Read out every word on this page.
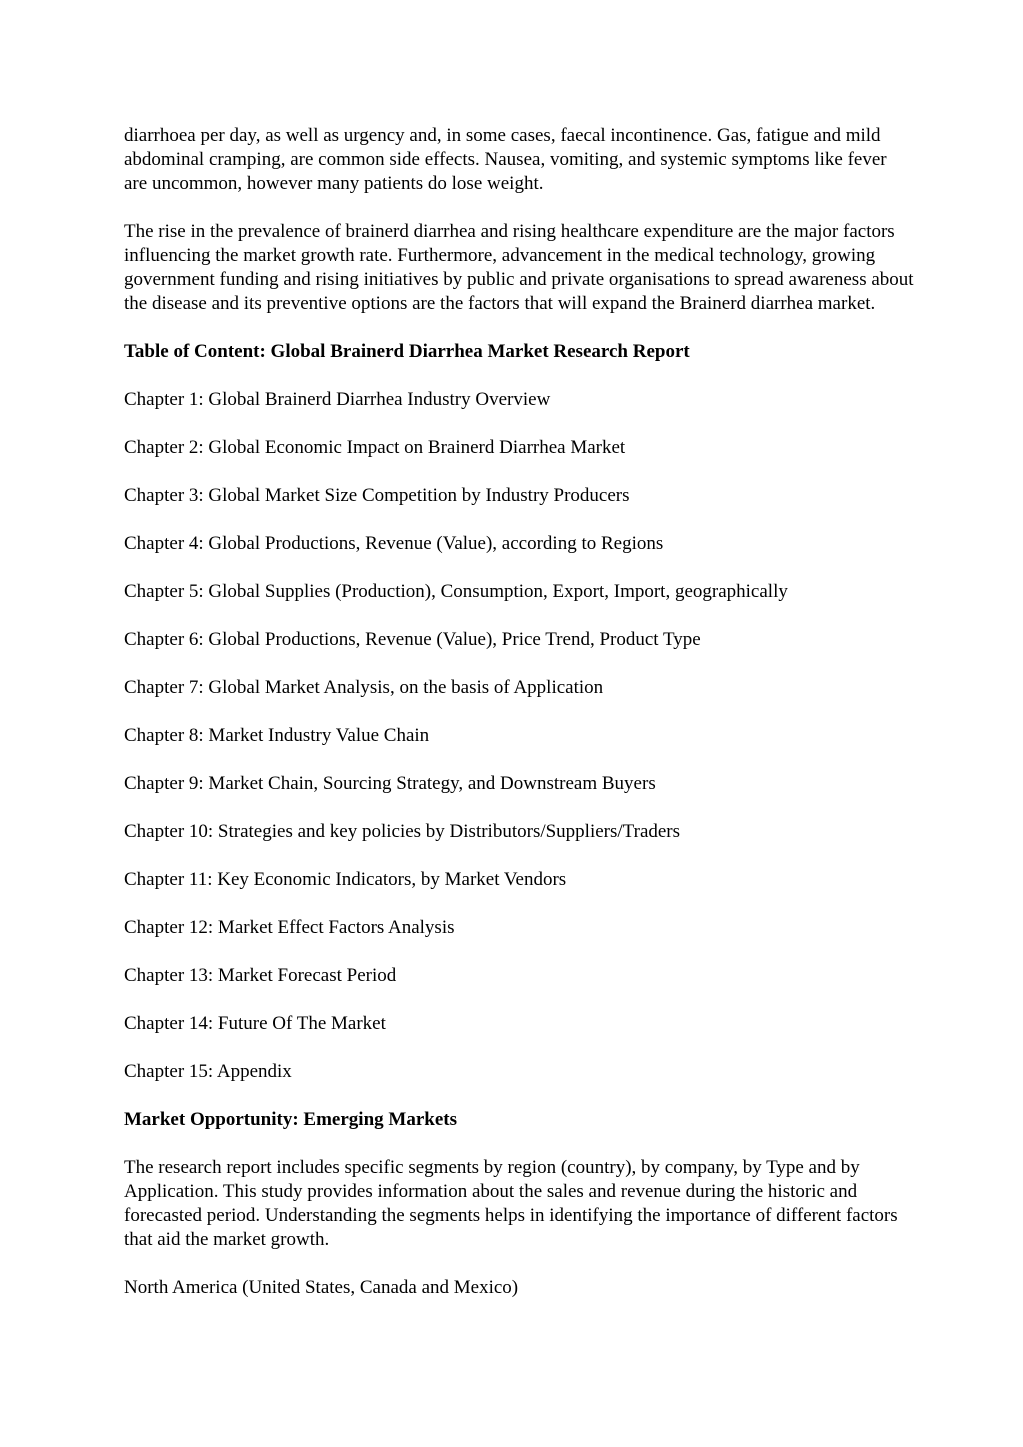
diarrhoea per day, as well as urgency and, in some cases, faecal incontinence. Gas, fatigue and mild abdominal cramping, are common side effects. Nausea, vomiting, and systemic symptoms like fever are uncommon, however many patients do lose weight.

The rise in the prevalence of brainerd diarrhea and rising healthcare expenditure are the major factors influencing the market growth rate. Furthermore, advancement in the medical technology, growing government funding and rising initiatives by public and private organisations to spread awareness about the disease and its preventive options are the factors that will expand the Brainerd diarrhea market.

Table of Content: Global Brainerd Diarrhea Market Research Report

Chapter 1: Global Brainerd Diarrhea Industry Overview

Chapter 2: Global Economic Impact on Brainerd Diarrhea Market

Chapter 3: Global Market Size Competition by Industry Producers

Chapter 4: Global Productions, Revenue (Value), according to Regions

Chapter 5: Global Supplies (Production), Consumption, Export, Import, geographically

Chapter 6: Global Productions, Revenue (Value), Price Trend, Product Type

Chapter 7: Global Market Analysis, on the basis of Application

Chapter 8: Market Industry Value Chain

Chapter 9: Market Chain, Sourcing Strategy, and Downstream Buyers

Chapter 10: Strategies and key policies by Distributors/Suppliers/Traders

Chapter 11: Key Economic Indicators, by Market Vendors

Chapter 12: Market Effect Factors Analysis

Chapter 13: Market Forecast Period

Chapter 14: Future Of The Market

Chapter 15: Appendix

Market Opportunity: Emerging Markets

The research report includes specific segments by region (country), by company, by Type and by Application. This study provides information about the sales and revenue during the historic and forecasted period. Understanding the segments helps in identifying the importance of different factors that aid the market growth.

North America (United States, Canada and Mexico)
